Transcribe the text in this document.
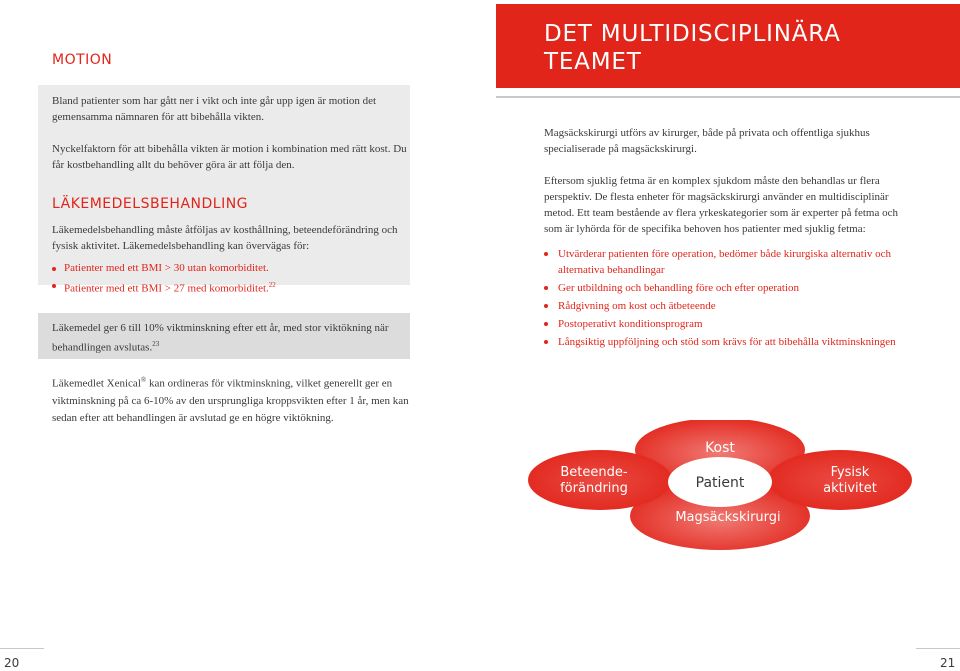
MOTION
Bland patienter som har gått ner i vikt och inte går upp igen är motion det gemensamma nämnaren för att bibehålla vikten.
Nyckelfaktorn för att bibehålla vikten är motion i kombination med rätt kost. Du får kostbehandling allt du behöver göra är att följa den.
LÄKEMEDELSBEHANDLING
Läkemedelsbehandling måste åtföljas av kosthållning, beteendeförändring och fysisk aktivitet. Läkemedelsbehandling kan övervägas för:
Patienter med ett BMI > 30 utan komorbiditet.
Patienter med ett BMI > 27 med komorbiditet.$^{22}$
Läkemedel ger 6 till 10% viktminskning efter ett år, med stor viktökning när behandlingen avslutas.$^{23}$
Läkemedlet Xenical® kan ordineras för viktminskning, vilket generellt ger en viktminskning på ca 6-10% av den ursprungliga kroppsvikten efter 1 år, men kan sedan efter att behandlingen är avslutad ge en högre viktökning.
20
DET MULTIDISCIPLINÄRA
TEAMET
Magsäckskirurgi utförs av kirurger, både på privata och offentliga sjukhus specialiserade på magsäckskirurgi.
Eftersom sjuklig fetma är en komplex sjukdom måste den behandlas ur flera perspektiv. De flesta enheter för magsäckskirurgi använder en multidisciplinär metod. Ett team bestående av flera yrkeskategorier som är experter på fetma och som är lyhörda för de specifika behoven hos patienter med sjuklig fetma:
Utvärderar patienten före operation, bedömer både kirurgiska alternativ och alternativa behandlingar
Ger utbildning och behandling före och efter operation
Rådgivning om kost och ätbeteende
Postoperativt konditionsprogram
Långsiktig uppföljning och stöd som krävs för att bibehålla viktminskningen
Kost
Beteende-
förändring	Patient
Fysisk
aktivitet
Magsäckskirurgi
21
